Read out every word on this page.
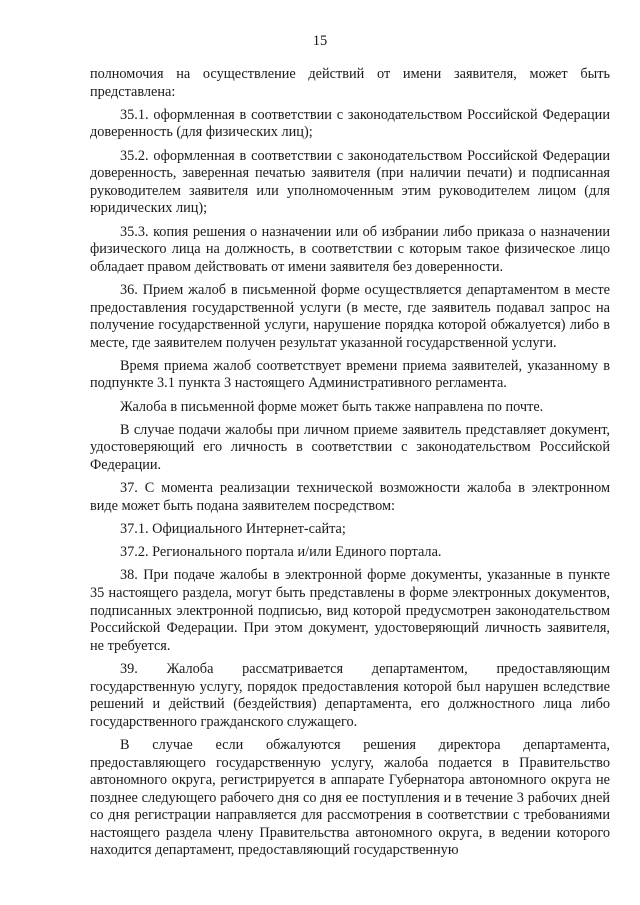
15

полномочия на осуществление действий от имени заявителя, может быть представлена:

35.1. оформленная в соответствии с законодательством Российской Федерации доверенность (для физических лиц);

35.2. оформленная в соответствии с законодательством Российской Федерации доверенность, заверенная печатью заявителя (при наличии печати) и подписанная руководителем заявителя или уполномоченным этим руководителем лицом (для юридических лиц);

35.3. копия решения о назначении или об избрании либо приказа о назначении физического лица на должность, в соответствии с которым такое физическое лицо обладает правом действовать от имени заявителя без доверенности.

36. Прием жалоб в письменной форме осуществляется департаментом в месте предоставления государственной услуги (в месте, где заявитель подавал запрос на получение государственной услуги, нарушение порядка которой обжалуется) либо в месте, где заявителем получен результат указанной государственной услуги.

Время приема жалоб соответствует времени приема заявителей, указанному в подпункте 3.1 пункта 3 настоящего Административного регламента.

Жалоба в письменной форме может быть также направлена по почте.

В случае подачи жалобы при личном приеме заявитель представляет документ, удостоверяющий его личность в соответствии с законодательством Российской Федерации.

37. С момента реализации технической возможности жалоба в электронном виде может быть подана заявителем посредством:

37.1. Официального Интернет-сайта;

37.2. Регионального портала и/или Единого портала.

38. При подаче жалобы в электронной форме документы, указанные в пункте 35 настоящего раздела, могут быть представлены в форме электронных документов, подписанных электронной подписью, вид которой предусмотрен законодательством Российской Федерации. При этом документ, удостоверяющий личность заявителя, не требуется.

39. Жалоба рассматривается департаментом, предоставляющим государственную услугу, порядок предоставления которой был нарушен вследствие решений и действий (бездействия) департамента, его должностного лица либо государственного гражданского служащего.

В случае если обжалуются решения директора департамента, предоставляющего государственную услугу, жалоба подается в Правительство автономного округа, регистрируется в аппарате Губернатора автономного округа не позднее следующего рабочего дня со дня ее поступления и в течение 3 рабочих дней со дня регистрации направляется для рассмотрения в соответствии с требованиями настоящего раздела члену Правительства автономного округа, в ведении которого находится департамент, предоставляющий государственную
